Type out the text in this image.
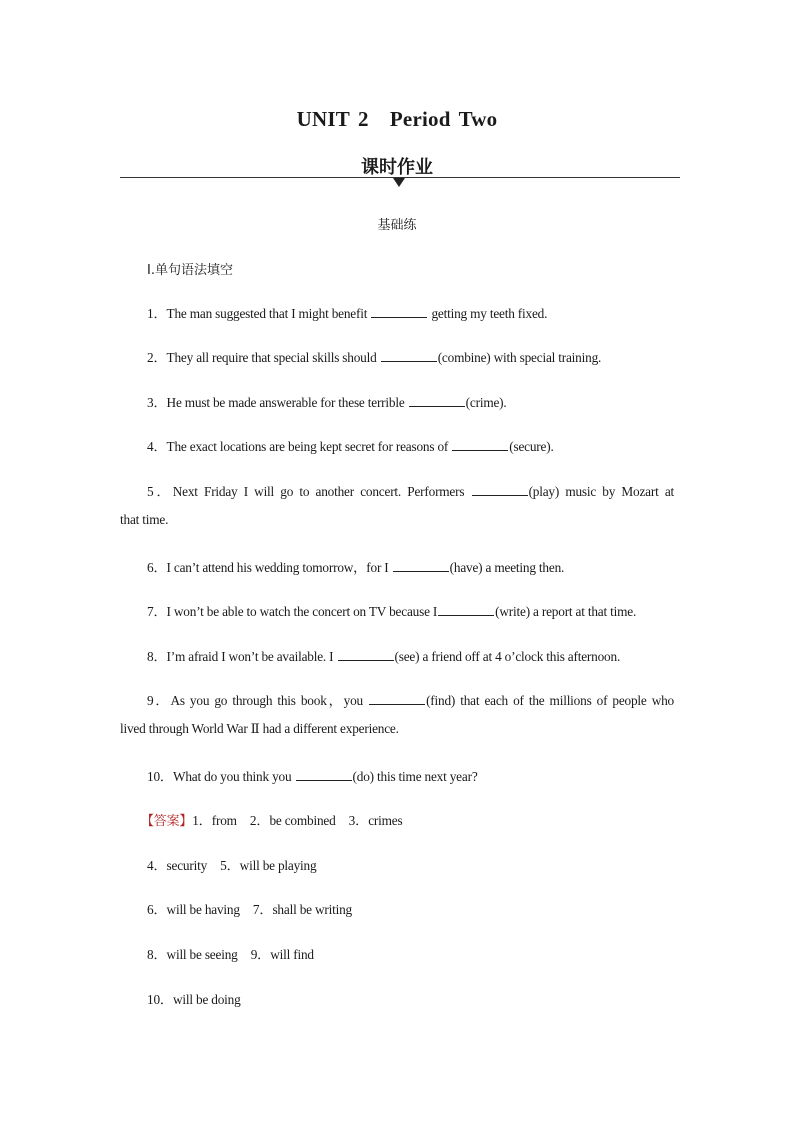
UNIT 2　Period Two
课时作业
基础练
Ⅰ.单句语法填空
1．The man suggested that I might benefit	getting my teeth fixed.
2．They all require that special skills should	(combine) with special training.
3．He must be made answerable for these terrible	(crime).
4．The exact locations are being kept secret for reasons of	(secure).
5．Next Friday I will go to another concert. Performers	(play) music by Mozart at
that time.
6．I can’t attend his wedding tomorrow，for I	(have) a meeting then.
7．I won’t be able to watch the concert on TV because I	(write) a report at that time.
8．I’m afraid I won’t be available. I	(see) a friend off at 4 o’clock this afternoon.
9．As you go through this book，you	(find) that each of the millions of people who
lived through World War Ⅱ had a different experience.
10．What do you think you	(do) this time next year?
【答案】1．from　2．be combined　3．crimes
4．security　5．will be playing
6．will be having　7．shall be writing
8．will be seeing　9．will find
10．will be doing
